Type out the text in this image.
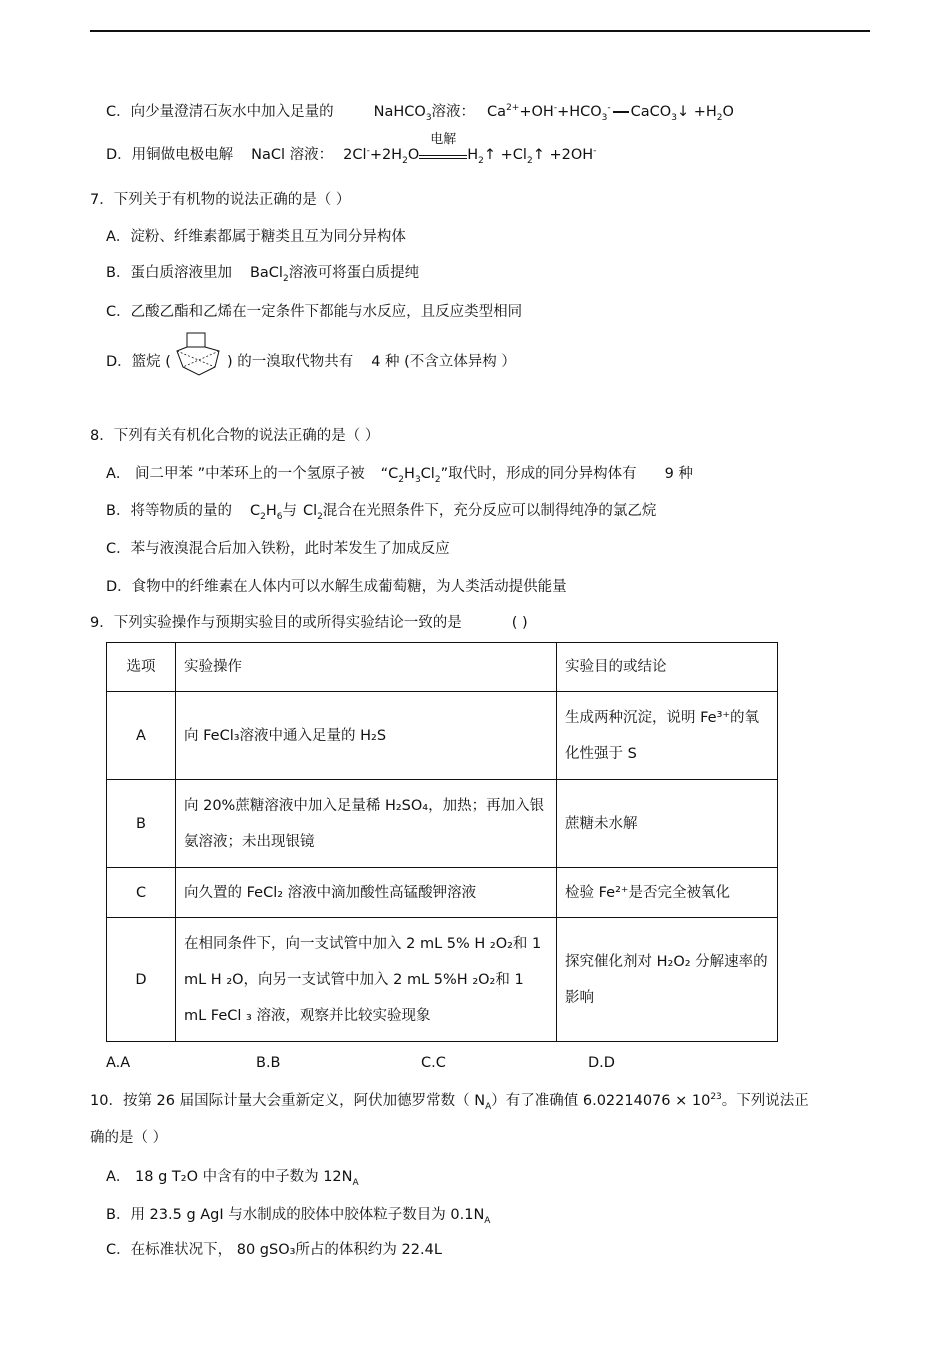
C．向少量澄清石灰水中加入足量的	NaHCO$_3$溶液： $Ca^{2+}+OH^-+HCO_3^-$ CaCO$_3$↓ $+H_2O$
D．用铜做电极电解 NaCl 溶液： $2Cl^-+2H_2O$
电解
$H_2↑$ $+Cl_2↑ +2OH^-$
7．下列关于有机物的说法正确的是（ ）
A．淀粉、纤维素都属于糖类且互为同分异构体
B．蛋白质溶液里加 BaCl$_2$溶液可将蛋白质提纯
C．乙酸乙酯和乙烯在一定条件下都能与水反应，且反应类型相同
D．篮烷 (	) 的一溴取代物共有 4 种 (不含立体异构 ）
8．下列有关有机化合物的说法正确的是（ ）
A． 间二甲苯 ”中苯环上的一个氢原子被 “$C_2H_3Cl_2$”取代时，形成的同分异构体有 9 种
B．将等物质的量的 $C_2H_6$与 $Cl_2$混合在光照条件下，充分反应可以制得纯净的氯乙烷
C．苯与液溴混合后加入铁粉，此时苯发生了加成反应
D．食物中的纤维素在人体内可以水解生成葡萄糖，为人类活动提供能量
9．下列实验操作与预期实验目的或所得实验结论一致的是	( )
选项	实验操作	实验目的或结论
A	向 FeCl₃溶液中通入足量的 H₂S	生成两种沉淀，说明 Fe³⁺的氧化性强于 S
B	向 20%蔗糖溶液中加入足量稀 H₂SO₄，加热；再加入银氨溶液；未出现银镜	蔗糖未水解
C	向久置的 FeCl₂ 溶液中滴加酸性高锰酸钾溶液	检验 Fe²⁺是否完全被氧化
D	在相同条件下，向一支试管中加入 2 mL 5% H ₂O₂和 1 mL H ₂O，向另一支试管中加入 2 mL 5%H ₂O₂和 1 mL FeCl ₃ 溶液，观察并比较实验现象	探究催化剂对 H₂O₂ 分解速率的影响
A.A	B.B	C.C	D.D
10．按第 26 届国际计量大会重新定义，阿伏加德罗常数（ $N_A$）有了准确值 $6.02214076 \times 10^{23}$。下列说法正
确的是（ ）
A． 18 g T₂O 中含有的中子数为 $12N_A$
B．用 23.5 g AgI 与水制成的胶体中胶体粒子数目为 $0.1N_A$
C．在标准状况下， 80 gSO₃所占的体积约为 22.4L
